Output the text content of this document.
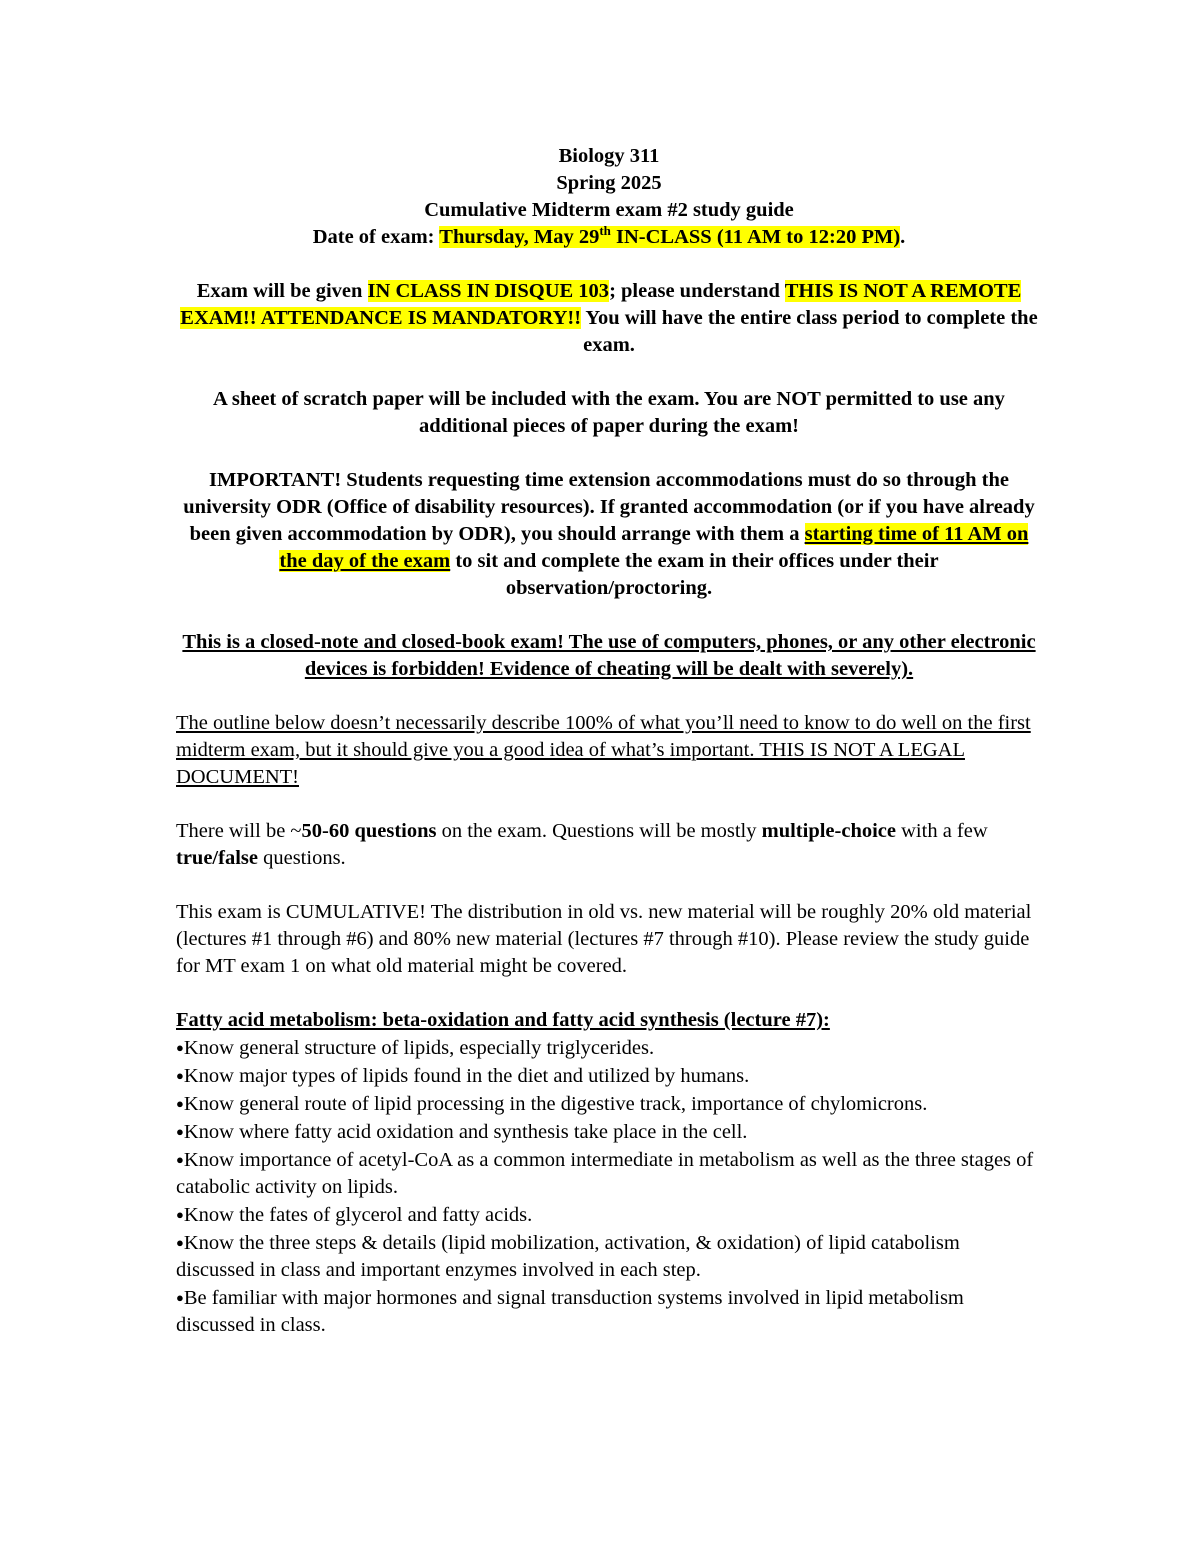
Biology 311
Spring 2025
Cumulative Midterm exam #2 study guide
Date of exam: Thursday, May 29th IN-CLASS (11 AM to 12:20 PM).

Exam will be given IN CLASS IN DISQUE 103; please understand THIS IS NOT A REMOTE EXAM!! ATTENDANCE IS MANDATORY!! You will have the entire class period to complete the exam.

A sheet of scratch paper will be included with the exam. You are NOT permitted to use any additional pieces of paper during the exam!

IMPORTANT! Students requesting time extension accommodations must do so through the university ODR (Office of disability resources). If granted accommodation (or if you have already been given accommodation by ODR), you should arrange with them a starting time of 11 AM on the day of the exam to sit and complete the exam in their offices under their observation/proctoring.

This is a closed-note and closed-book exam! The use of computers, phones, or any other electronic devices is forbidden! Evidence of cheating will be dealt with severely).

The outline below doesn’t necessarily describe 100% of what you’ll need to know to do well on the first midterm exam, but it should give you a good idea of what’s important. THIS IS NOT A LEGAL DOCUMENT!

There will be ~50-60 questions on the exam. Questions will be mostly multiple-choice with a few true/false questions.

This exam is CUMULATIVE! The distribution in old vs. new material will be roughly 20% old material (lectures #1 through #6) and 80% new material (lectures #7 through #10). Please review the study guide for MT exam 1 on what old material might be covered.

Fatty acid metabolism: beta-oxidation and fatty acid synthesis (lecture #7):

●Know general structure of lipids, especially triglycerides.
●Know major types of lipids found in the diet and utilized by humans.
●Know general route of lipid processing in the digestive track, importance of chylomicrons.
●Know where fatty acid oxidation and synthesis take place in the cell.
●Know importance of acetyl-CoA as a common intermediate in metabolism as well as the three stages of catabolic activity on lipids.
●Know the fates of glycerol and fatty acids.
●Know the three steps & details (lipid mobilization, activation, & oxidation) of lipid catabolism discussed in class and important enzymes involved in each step.
●Be familiar with major hormones and signal transduction systems involved in lipid metabolism discussed in class.
